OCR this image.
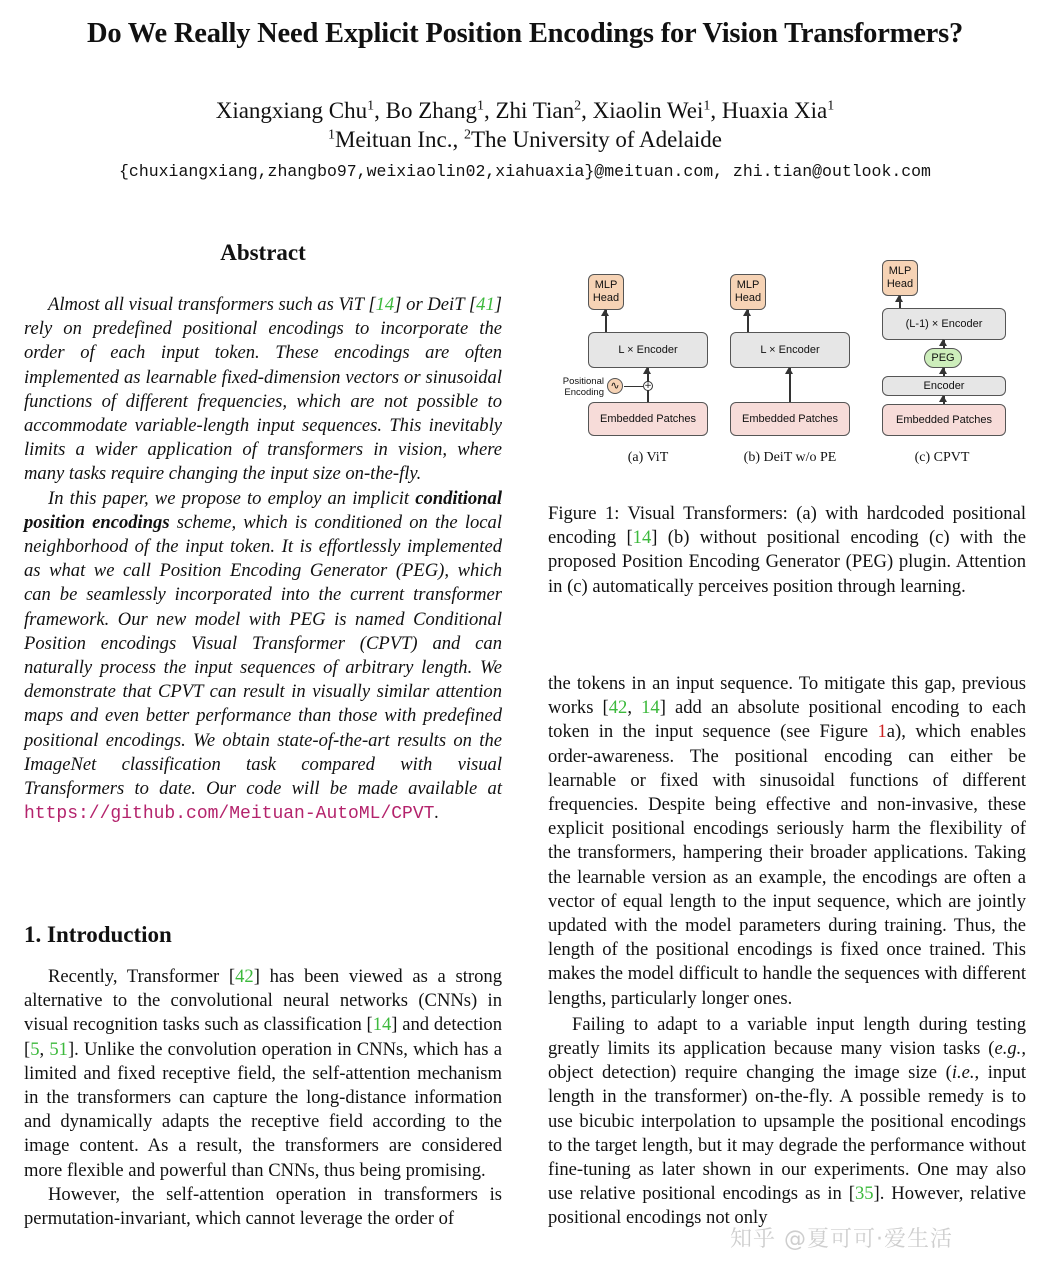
Do We Really Need Explicit Position Encodings for Vision Transformers?
Xiangxiang Chu$^1$, Bo Zhang$^1$, Zhi Tian$^2$, Xiaolin Wei$^1$, Huaxia Xia$^1$
$^1$Meituan Inc., $^2$The University of Adelaide
{chuxiangxiang,zhangbo97,weixiaolin02,xiahuaxia}@meituan.com, zhi.tian@outlook.com
Abstract

Almost all visual transformers such as ViT [14] or DeiT [41] rely on predefined positional encodings to incorporate the order of each input token. These encodings are often implemented as learnable fixed-dimension vectors or sinusoidal functions of different frequencies, which are not possible to accommodate variable-length input sequences. This inevitably limits a wider application of transformers in vision, where many tasks require changing the input size on-the-fly.

In this paper, we propose to employ an implicit conditional position encodings scheme, which is conditioned on the local neighborhood of the input token. It is effortlessly implemented as what we call Position Encoding Generator (PEG), which can be seamlessly incorporated into the current transformer framework. Our new model with PEG is named Conditional Position encodings Visual Transformer (CPVT) and can naturally process the input sequences of arbitrary length. We demonstrate that CPVT can result in visually similar attention maps and even better performance than those with predefined positional encodings. We obtain state-of-the-art results on the ImageNet classification task compared with visual Transformers to date. Our code will be made available at https://github.com/Meituan-AutoML/CPVT.

1. Introduction

Recently, Transformer [42] has been viewed as a strong alternative to the convolutional neural networks (CNNs) in visual recognition tasks such as classification [14] and detection [5, 51]. Unlike the convolution operation in CNNs, which has a limited and fixed receptive field, the self-attention mechanism in the transformers can capture the long-distance information and dynamically adapts the receptive field according to the image content. As a result, the transformers are considered more flexible and powerful than CNNs, thus being promising.

However, the self-attention operation in transformers is permutation-invariant, which cannot leverage the order of

MLP Head
L × Encoder
+
∿
Positional Encoding
Embedded Patches
(a) ViT
MLP Head
L × Encoder
Embedded Patches
(b) DeiT w/o PE
MLP Head
(L-1) × Encoder
PEG
Encoder
Embedded Patches
(c) CPVT
Figure 1: Visual Transformers: (a) with hardcoded positional encoding [14] (b) without positional encoding (c) with the proposed Position Encoding Generator (PEG) plugin. Attention in (c) automatically perceives position through learning.

the tokens in an input sequence. To mitigate this gap, previous works [42, 14] add an absolute positional encoding to each token in the input sequence (see Figure 1a), which enables order-awareness. The positional encoding can either be learnable or fixed with sinusoidal functions of different frequencies. Despite being effective and non-invasive, these explicit positional encodings seriously harm the flexibility of the transformers, hampering their broader applications. Taking the learnable version as an example, the encodings are often a vector of equal length to the input sequence, which are jointly updated with the model parameters during training. Thus, the length of the positional encodings is fixed once trained. This makes the model difficult to handle the sequences with different lengths, particularly longer ones.

Failing to adapt to a variable input length during testing greatly limits its application because many vision tasks (e.g., object detection) require changing the image size (i.e., input length in the transformer) on-the-fly. A possible remedy is to use bicubic interpolation to upsample the positional encodings to the target length, but it may degrade the performance without fine-tuning as later shown in our experiments. One may also use relative positional encodings as in [35]. However, relative positional encodings not only

知乎 @夏可可·爱生活
